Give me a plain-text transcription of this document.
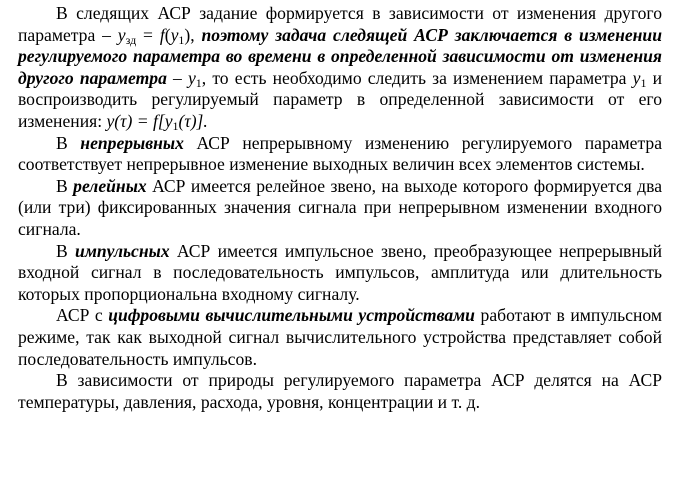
В следящих АСР задание формируется в зависимости от изменения другого параметра – $y_{зд} = f(y_1)$, поэтому задача следящей АСР заключается в изменении регулируемого параметра во времени в определенной зависимости от изменения другого параметра – $y_1$, то есть необходимо следить за изменением параметра $y_1$ и воспроизводить регулируемый параметр в определенной зависимости от его изменения: $y(\tau) = f[y_1(\tau)]$.

В непрерывных АСР непрерывному изменению регулируемого параметра соответствует непрерывное изменение выходных величин всех элементов системы.

В релейных АСР имеется релейное звено, на выходе которого формируется два (или три) фиксированных значения сигнала при непрерывном изменении входного сигнала.

В импульсных АСР имеется импульсное звено, преобразующее непрерывный входной сигнал в последовательность импульсов, амплитуда или длительность которых пропорциональна входному сигналу.

АСР с цифровыми вычислительными устройствами работают в импульсном режиме, так как выходной сигнал вычислительного устройства представляет собой последовательность импульсов.

В зависимости от природы регулируемого параметра АСР делятся на АСР температуры, давления, расхода, уровня, концентрации и т. д.
